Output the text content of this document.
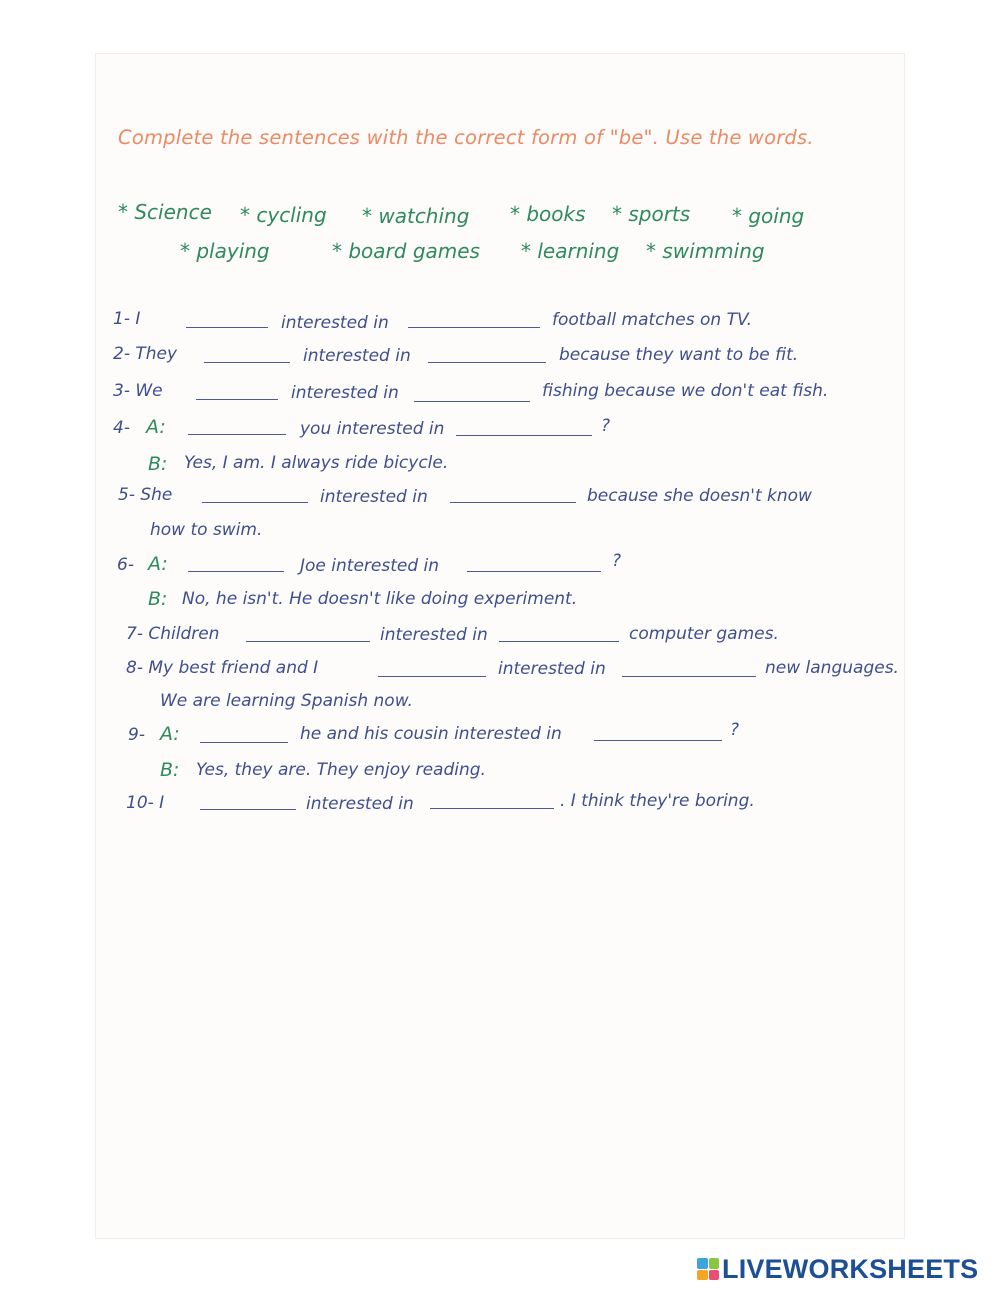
Complete the sentences with the correct form of "be". Use the words.
* Science * cycling * watching * books * sports * going
* playing	* board games * learning * swimming
1- I	interested in	football matches on TV.
2- They	interested in	because they want to be fit.
3- We	interested in	fishing because we don't eat fish.
4- A:	you interested in	?
B: Yes, I am. I always ride bicycle.
5- She	interested in	because she doesn't know
how to swim.
6- A:	Joe interested in	?
B: No, he isn't. He doesn't like doing experiment.
7- Children	interested in	computer games.
8- My best friend and I	interested in	new languages.
We are learning Spanish now.
9- A:	he and his cousin interested in	?
B: Yes, they are. They enjoy reading.
10- I	interested in	. I think they're boring.
LIVEWORKSHEETS
